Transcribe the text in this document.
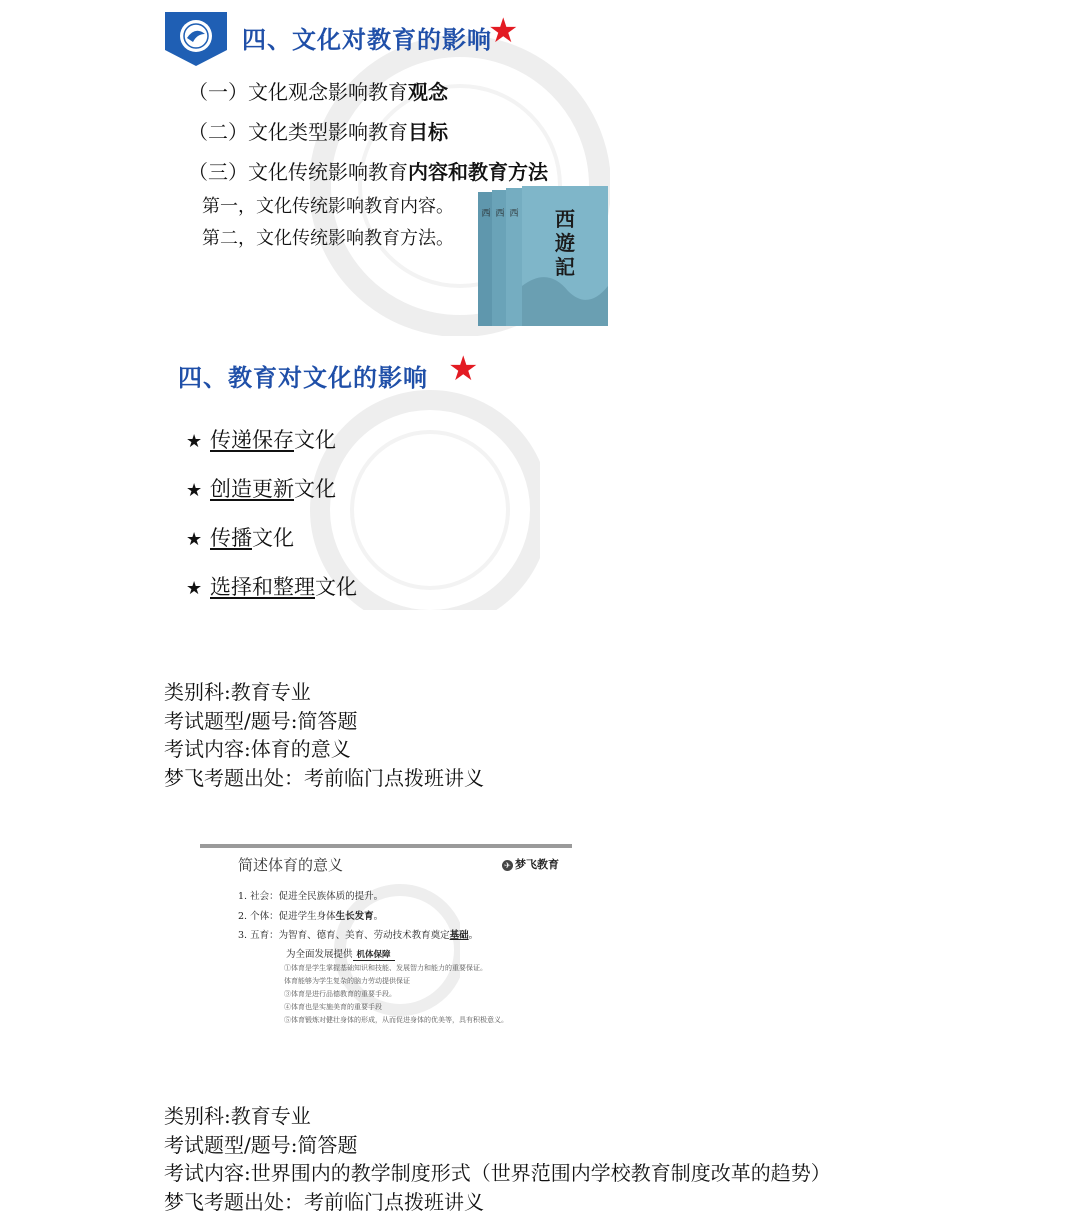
四、文化对教育的影响
★
（一）文化观念影响教育观念
（二）文化类型影响教育目标
（三）文化传统影响教育内容和教育方法
第一，文化传统影响教育内容。
第二，文化传统影响教育方法。
西
遊
記
西 西 西
四、教育对文化的影响 ★
★ 传递保存文化
★ 创造更新文化
★ 传播文化
★ 选择和整理文化
类别科:教育专业
考试题型/题号:简答题
考试内容:体育的意义
梦飞考题出处：考前临门点拨班讲义
简述体育的意义	✈ 梦飞教育
1. 社会：促进全民族体质的提升。
2. 个体：促进学生身体生长发育。
3. 五育：为智育、德育、美育、劳动技术教育奠定基础。
为全面发展提供 机体保障
①体育是学生掌握基础知识和技能、发展智力和能力的重要保证。
体育能够为学生复杂的脑力劳动提供保证
③体育是进行品德教育的重要手段。
④体育也是实施美育的重要手段
⑤体育锻炼对健壮身体的形成，从而促进身体的优美等，具有积极意义。
类别科:教育专业
考试题型/题号:简答题
考试内容:世界围内的教学制度形式（世界范围内学校教育制度改革的趋势）
梦飞考题出处：考前临门点拨班讲义
